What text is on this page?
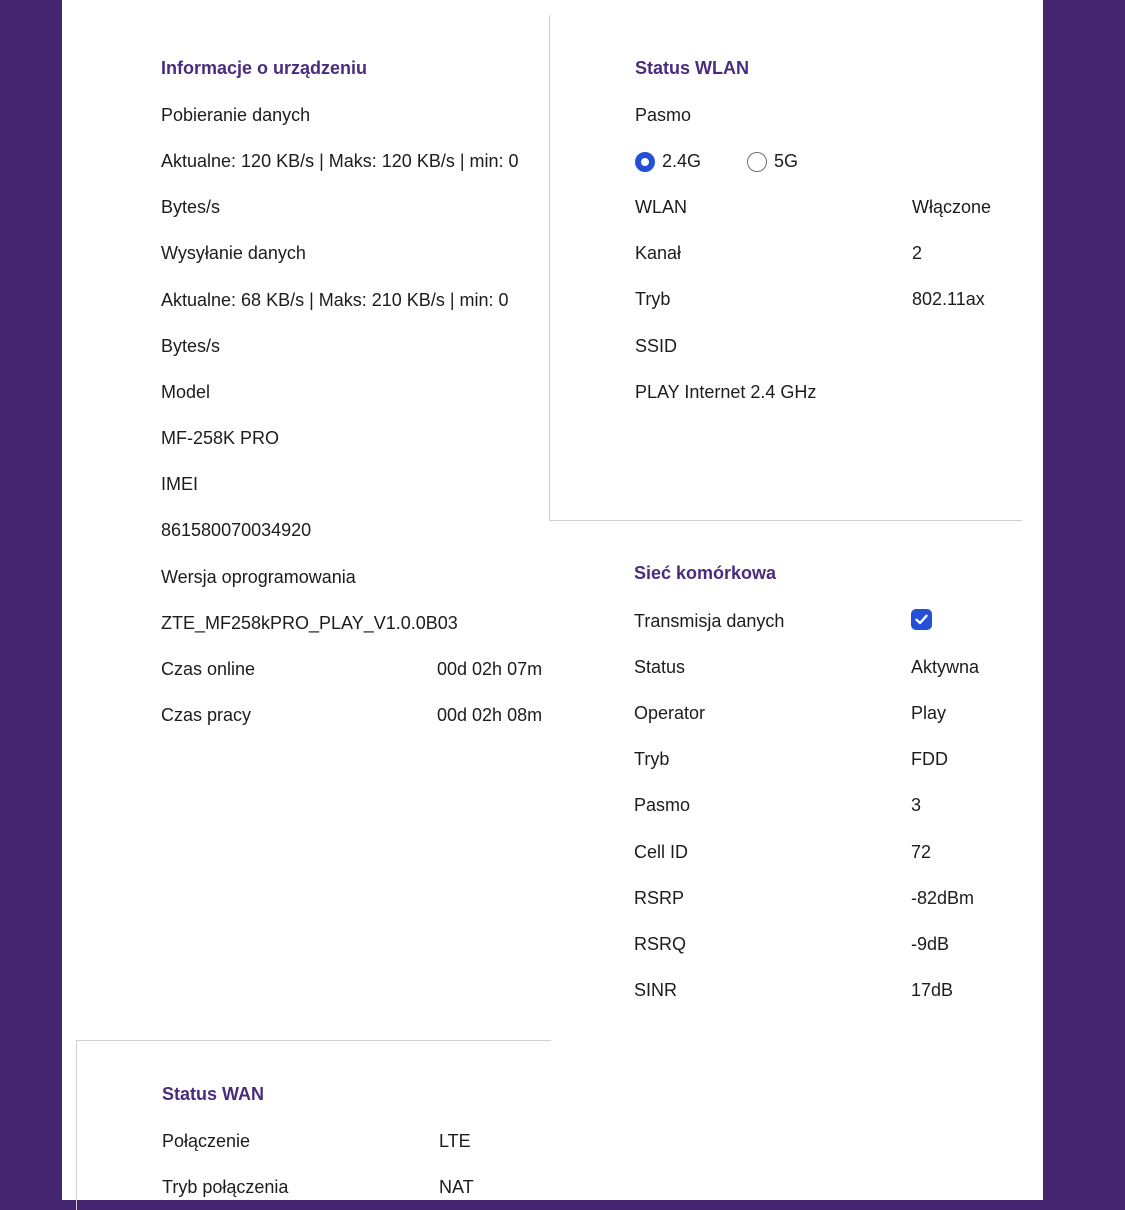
Informacje o urządzeniu
Pobieranie danych
Aktualne: 120 KB/s | Maks: 120 KB/s | min: 0
Bytes/s
Wysyłanie danych
Aktualne: 68 KB/s | Maks: 210 KB/s | min: 0
Bytes/s
Model
MF-258K PRO
IMEI
861580070034920
Wersja oprogramowania
ZTE_MF258kPRO_PLAY_V1.0.0B03
Czas online	00d 02h 07m
Czas pracy	00d 02h 08m
Status WLAN
Pasmo
2.4G	5G
WLAN	Włączone
Kanał	2
Tryb	802.11ax
SSID
PLAY Internet 2.4 GHz
Sieć komórkowa
Transmisja danych
Status	Aktywna
Operator	Play
Tryb	FDD
Pasmo	3
Cell ID	72
RSRP	-82dBm
RSRQ	-9dB
SINR	17dB
Status WAN
Połączenie	LTE
Tryb połączenia	NAT
